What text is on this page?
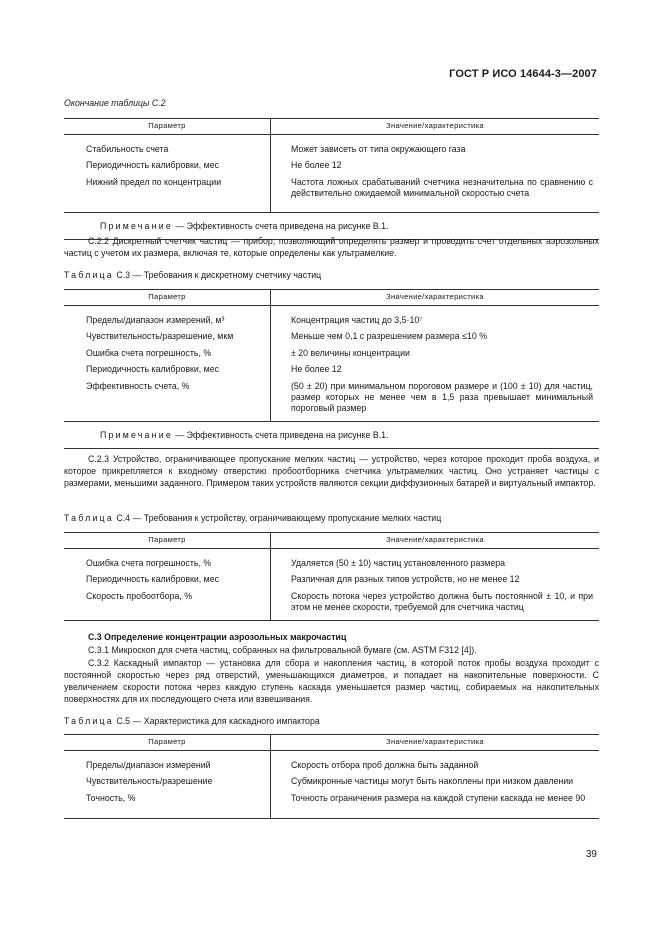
ГОСТ Р ИСО 14644-3—2007
Окончание таблицы С.2
Параметр	Значение/характеристика

Стабильность счета	Может зависеть от типа окружающего газа
Периодичность калибровки, мес	Не более 12
Нижний предел по концентрации	Частота ложных срабатываний счетчика незначительна по сравнению с действительно ожидаемой минимальной скоростью счета
Примечание — Эффективность счета приведена на рисунке В.1.	
С.2.2 Дискретный счетчик частиц — прибор, позволяющий определять размер и проводить счет отдельных аэрозольных частиц с учетом их размера, включая те, которые определены как ультрамелкие.
Таблица С.3 — Требования к дискретному счетчику частиц
Параметр	Значение/характеристика

Пределы/диапазон измерений, м³	Концентрация частиц до 3,5·10⁷
Чувствительность/разрешение, мкм	Меньше чем 0,1 с разрешением размера ≤10 %
Ошибка счета погрешность, %	± 20 величины концентрации
Периодичность калибровки, мес	Не более 12
Эффективность счета, %	(50 ± 20) при минимальном пороговом размере и (100 ± 10) для частиц, размер которых не менее чем в 1,5 раза превышает минимальный пороговый размер
Примечание — Эффективность счета приведена на рисунке В.1.	
С.2.3 Устройство, ограничивающее пропускание мелких частиц — устройство, через которое проходит проба воздуха, и которое прикрепляется к входному отверстию пробоотборника счетчика ультрамелких частиц. Оно устраняет частицы с размерами, меньшими заданного. Примером таких устройств являются секции диффузионных батарей и виртуальный импактор.
Таблица С.4 — Требования к устройству, ограничивающему пропускание мелких частиц
Параметр	Значение/характеристика

Ошибка счета погрешность, %	Удаляется (50 ± 10) частиц установленного размера
Периодичность калибровки, мес	Различная для разных типов устройств, но не менее 12
Скорость пробоотбора, %	Скорость потока через устройство должна быть постоянной ± 10, и при этом не менее скорости, требуемой для счетчика частиц
С.3 Определение концентрации аэрозольных макрочастиц
С.3.1 Микроскоп для счета частиц, собранных на фильтровальной бумаге (см. ASTM F312 [4]).
С.3.2 Каскадный импактор — установка для сбора и накопления частиц, в которой поток пробы воздуха проходит с постоянной скоростью через ряд отверстий, уменьшающихся диаметров, и попадает на накопительные поверхности. С увеличением скорости потока через каждую ступень каскада уменьшается размер частиц, собираемых на накопительных поверхностях для их последующего счета или взвешивания.
Таблица С.5 — Характеристика для каскадного импактора
Параметр	Значение/характеристика

Пределы/диапазон измерений	Скорость отбора проб должна быть заданной
Чувствительность/разрешение	Субмикронные частицы могут быть накоплены при низком давлении
Точность, %	Точность ограничения размера на каждой ступени каскада не менее 90
39
